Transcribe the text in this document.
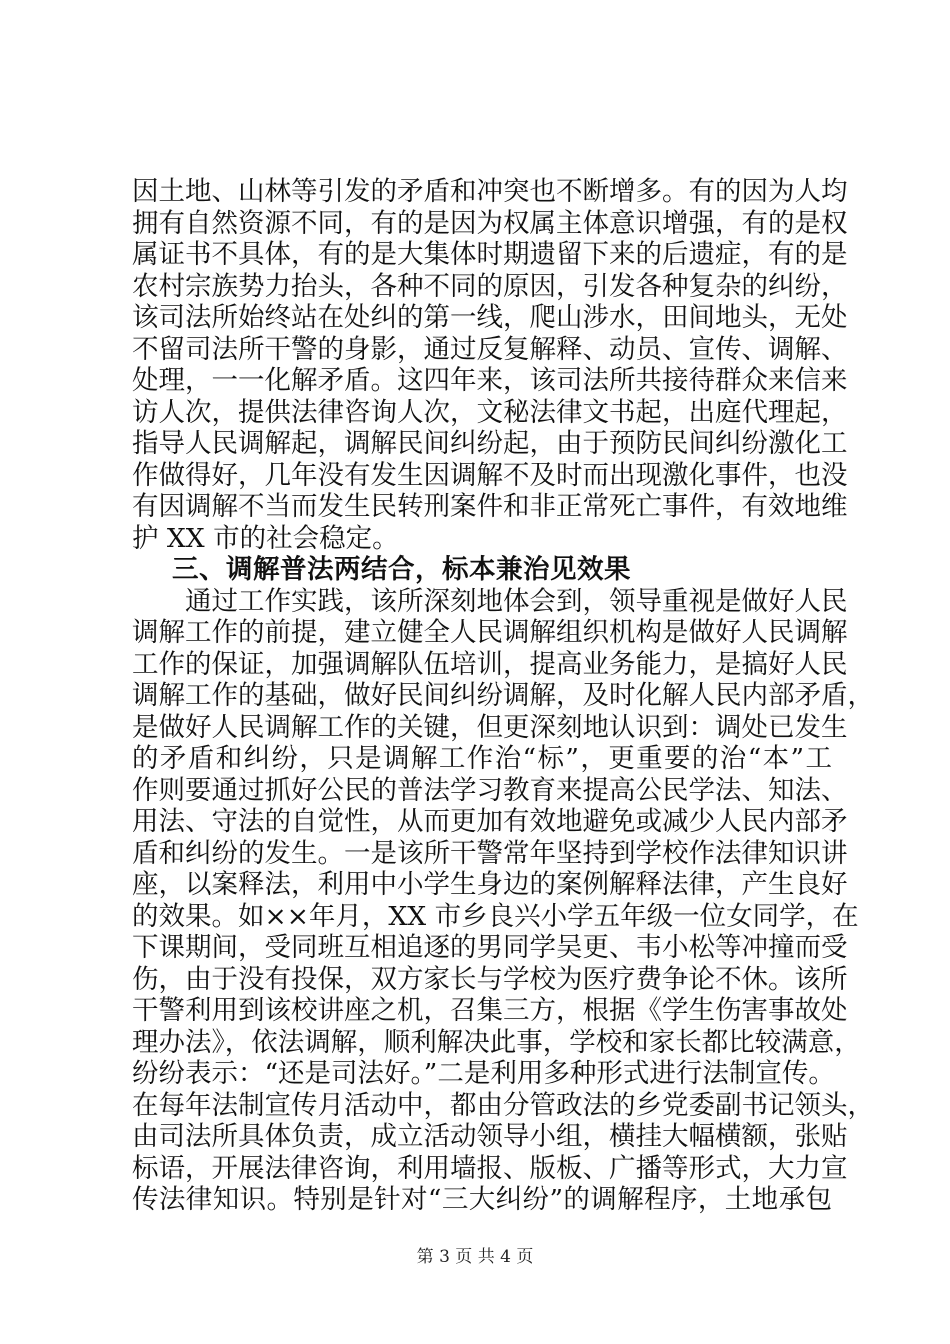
因土地、山林等引发的矛盾和冲突也不断增多。有的因为人均
拥有自然资源不同，有的是因为权属主体意识增强，有的是权
属证书不具体，有的是大集体时期遗留下来的后遗症，有的是
农村宗族势力抬头，各种不同的原因，引发各种复杂的纠纷，
该司法所始终站在处纠的第一线，爬山涉水，田间地头，无处
不留司法所干警的身影，通过反复解释、动员、宣传、调解、
处理，一一化解矛盾。这四年来，该司法所共接待群众来信来
访人次，提供法律咨询人次，文秘法律文书起，出庭代理起，
指导人民调解起，调解民间纠纷起，由于预防民间纠纷激化工
作做得好，几年没有发生因调解不及时而出现激化事件，也没
有因调解不当而发生民转刑案件和非正常死亡事件，有效地维
护 XX 市的社会稳定。
三、调解普法两结合，标本兼治见效果
通过工作实践，该所深刻地体会到，领导重视是做好人民
调解工作的前提，建立健全人民调解组织机构是做好人民调解
工作的保证，加强调解队伍培训，提高业务能力，是搞好人民
调解工作的基础，做好民间纠纷调解，及时化解人民内部矛盾，
是做好人民调解工作的关键，但更深刻地认识到：调处已发生
的矛盾和纠纷，只是调解工作治“标”，更重要的治“本”工
作则要通过抓好公民的普法学习教育来提高公民学法、知法、
用法、守法的自觉性，从而更加有效地避免或减少人民内部矛
盾和纠纷的发生。一是该所干警常年坚持到学校作法律知识讲
座，以案释法，利用中小学生身边的案例解释法律，产生良好
的效果。如××年月，XX 市乡良兴小学五年级一位女同学，在
下课期间，受同班互相追逐的男同学吴更、韦小松等冲撞而受
伤，由于没有投保，双方家长与学校为医疗费争论不休。该所
干警利用到该校讲座之机，召集三方，根据《学生伤害事故处
理办法》，依法调解，顺利解决此事，学校和家长都比较满意，
纷纷表示：“还是司法好。”二是利用多种形式进行法制宣传。
在每年法制宣传月活动中，都由分管政法的乡党委副书记领头，
由司法所具体负责，成立活动领导小组，横挂大幅横额，张贴
标语，开展法律咨询，利用墙报、版板、广播等形式，大力宣
传法律知识。特别是针对“三大纠纷”的调解程序，土地承包
第 3 页 共 4 页
